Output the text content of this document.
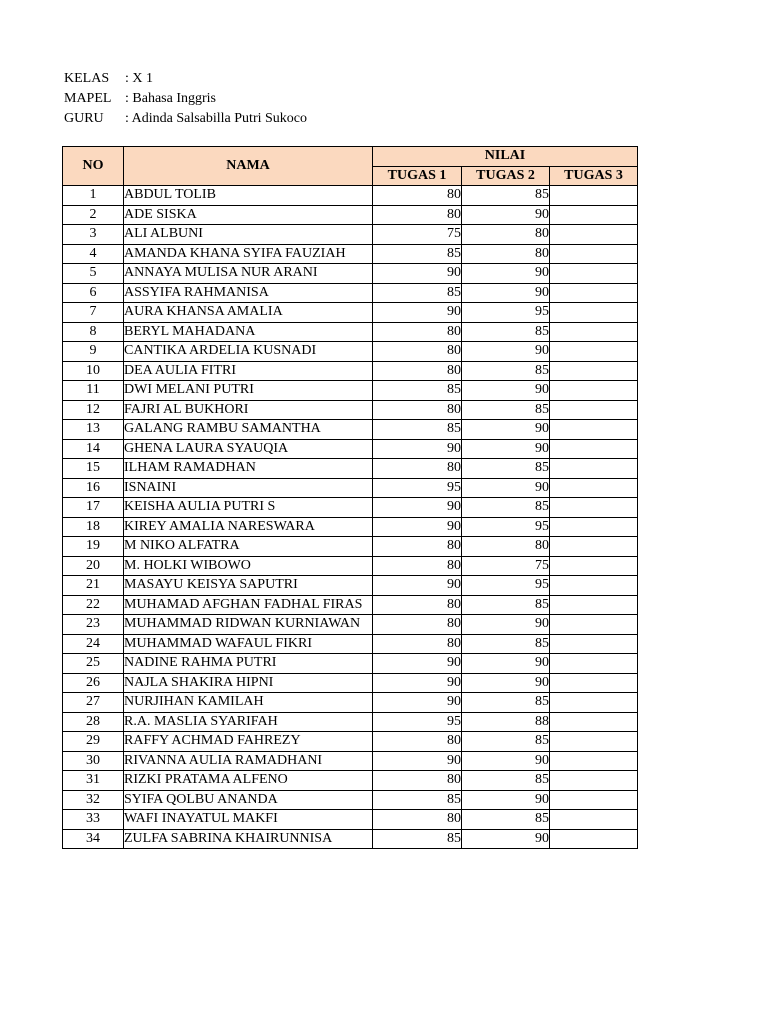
KELAS	: X 1
MAPEL : Bahasa Inggris
GURU	: Adinda Salsabilla Putri Sukoco
NO	NAMA	NILAI		
		TUGAS 1	TUGAS 2	TUGAS 3
1	ABDUL TOLIB	80	85	
2	ADE SISKA	80	90	
3	ALI ALBUNI	75	80	
4	AMANDA KHANA SYIFA FAUZIAH	85	80	
5	ANNAYA MULISA NUR ARANI	90	90	
6	ASSYIFA RAHMANISA	85	90	
7	AURA KHANSA AMALIA	90	95	
8	BERYL MAHADANA	80	85	
9	CANTIKA ARDELIA KUSNADI	80	90	
10	DEA AULIA FITRI	80	85	
11	DWI MELANI PUTRI	85	90	
12	FAJRI AL BUKHORI	80	85	
13	GALANG RAMBU SAMANTHA	85	90	
14	GHENA LAURA SYAUQIA	90	90	
15	ILHAM RAMADHAN	80	85	
16	ISNAINI	95	90	
17	KEISHA AULIA PUTRI S	90	85	
18	KIREY AMALIA NARESWARA	90	95	
19	M NIKO ALFATRA	80	80	
20	M. HOLKI WIBOWO	80	75	
21	MASAYU KEISYA SAPUTRI	90	95	
22	MUHAMAD AFGHAN FADHAL FIRAS	80	85	
23	MUHAMMAD RIDWAN KURNIAWAN	80	90	
24	MUHAMMAD WAFAUL FIKRI	80	85	
25	NADINE RAHMA PUTRI	90	90	
26	NAJLA SHAKIRA HIPNI	90	90	
27	NURJIHAN KAMILAH	90	85	
28	R.A. MASLIA SYARIFAH	95	88	
29	RAFFY ACHMAD FAHREZY	80	85	
30	RIVANNA AULIA RAMADHANI	90	90	
31	RIZKI PRATAMA ALFENO	80	85	
32	SYIFA QOLBU ANANDA	85	90	
33	WAFI INAYATUL MAKFI	80	85	
34	ZULFA SABRINA KHAIRUNNISA	85	90	
